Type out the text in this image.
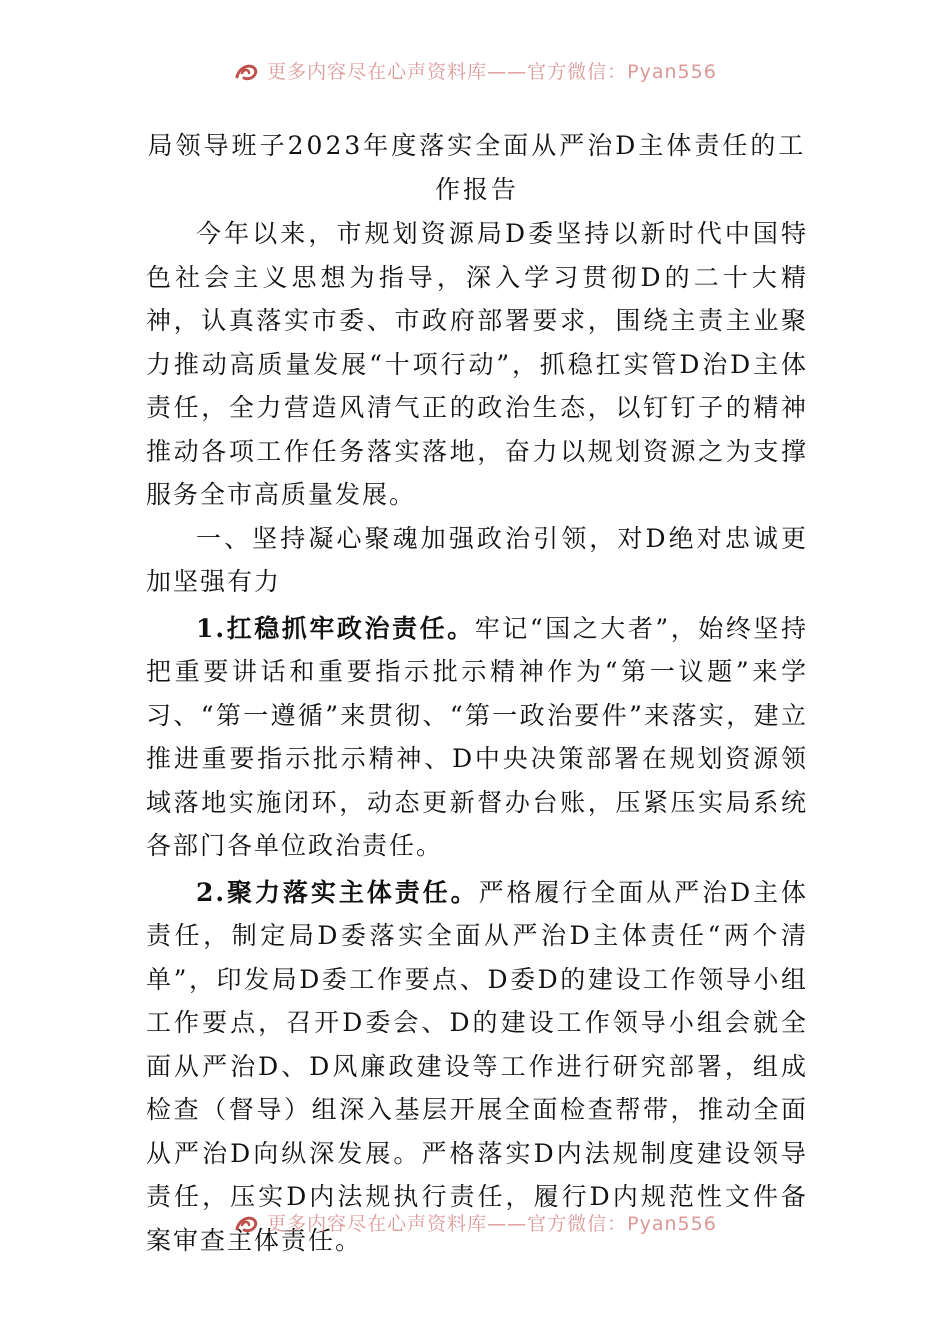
更多内容尽在心声资料库——官方微信：Pyan556
局领导班子2023年度落实全面从严治D主体责任的工作报告

今年以来，市规划资源局D委坚持以新时代中国特色社会主义思想为指导，深入学习贯彻D的二十大精神，认真落实市委、市政府部署要求，围绕主责主业聚力推动高质量发展“十项行动”，抓稳扛实管D治D主体责任，全力营造风清气正的政治生态，以钉钉子的精神推动各项工作任务落实落地，奋力以规划资源之为支撑服务全市高质量发展。

一、坚持凝心聚魂加强政治引领，对D绝对忠诚更加坚强有力

1.扛稳抓牢政治责任。牢记“国之大者”，始终坚持把重要讲话和重要指示批示精神作为“第一议题”来学习、“第一遵循”来贯彻、“第一政治要件”来落实，建立推进重要指示批示精神、D中央决策部署在规划资源领域落地实施闭环，动态更新督办台账，压紧压实局系统各部门各单位政治责任。

2.聚力落实主体责任。严格履行全面从严治D主体责任，制定局D委落实全面从严治D主体责任“两个清单”，印发局D委工作要点、D委D的建设工作领导小组工作要点，召开D委会、D的建设工作领导小组会就全面从严治D、D风廉政建设等工作进行研究部署，组成检查（督导）组深入基层开展全面检查帮带，推动全面从严治D向纵深发展。严格落实D内法规制度建设领导责任，压实D内法规执行责任，履行D内规范性文件备案审查主体责任。

更多内容尽在心声资料库——官方微信：Pyan556
